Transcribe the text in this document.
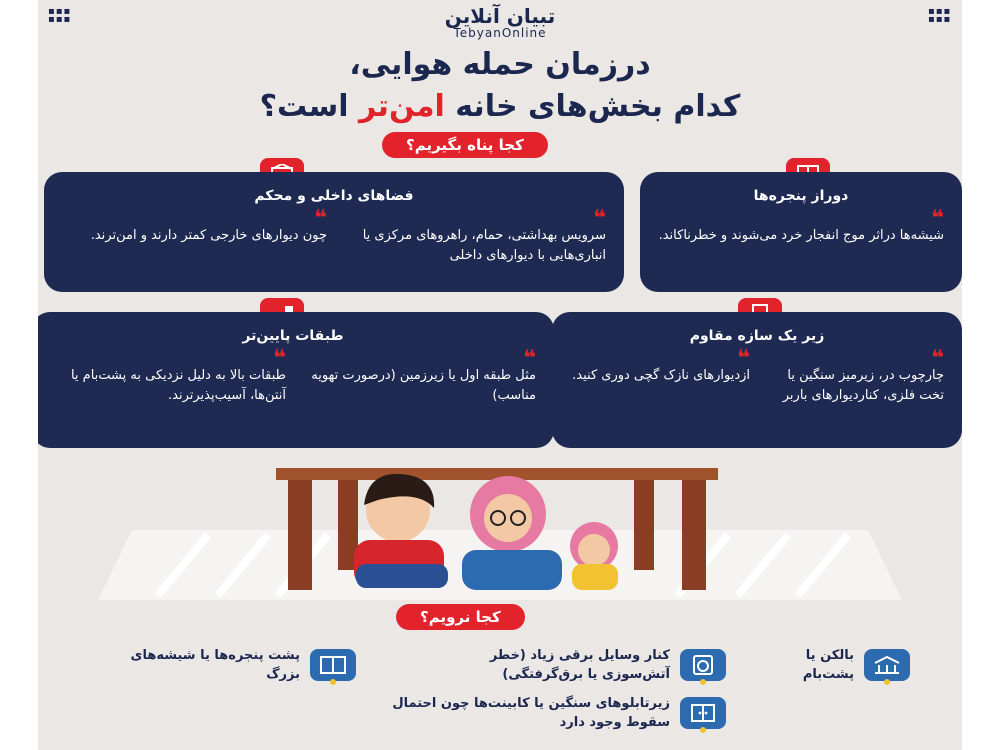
▪▪▪
▪▪▪
▪▪▪
▪▪▪
تبیان آنلاین
TebyanOnline
درزمان حمله هوایی،
کدام بخش‌های خانه امن‌تر است؟
کجا پناه بگیریم؟
فضاهای داخلی و محکم
❝
سرویس بهداشتی، حمام، راهروهای مرکزی یا انباری‌هایی با دیوارهای داخلی
❝
چون دیوارهای خارجی کمتر دارند و امن‌ترند.
دوراز پنجره‌ها
❝
شیشه‌ها دراثر موج انفجار خرد می‌شوند و خطرناکاند.
طبقات پایین‌تر
❝
مثل طبقه اول یا زیرزمین (درصورت تهویه مناسب)
❝
طبقات بالا به دلیل نزدیکی به پشت‌بام یا آنتن‌ها، آسیب‌پذیرترند.
زیر یک سازه مقاوم
❝
چارچوب در، زیرمیز سنگین یا تخت فلزی، کناردیوارهای باربر
❝
ازدیوارهای نازک گچی دوری کنید.
کجا نرویم؟
بالکن یا پشت‌بام
کنار وسایل برقی زیاد (خطر آتش‌سوزی یا برق‌گرفتگی)
پشت پنجره‌ها یا شیشه‌های بزرگ
زیرتابلوهای سنگین یا کابینت‌ها چون احتمال سقوط وجود دارد
